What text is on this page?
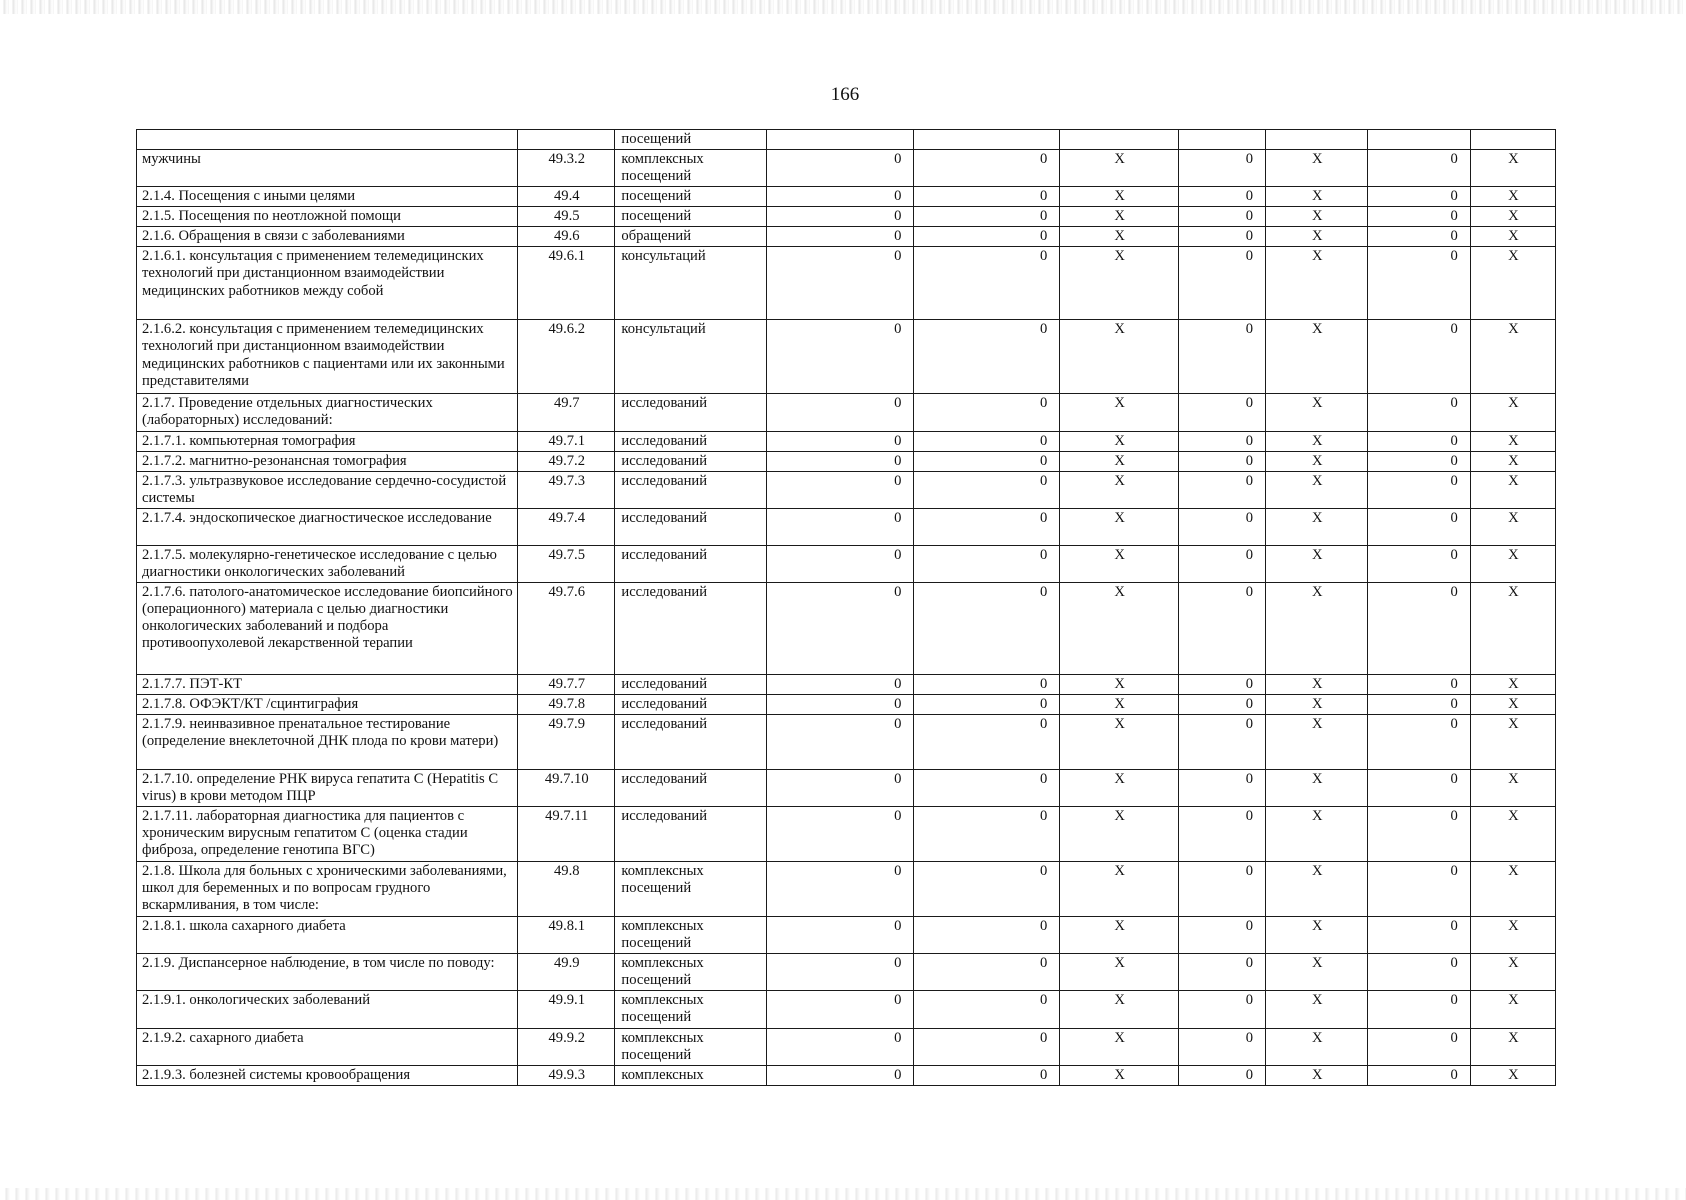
166
		посещений							
мужчины	49.3.2	комплексных посещений	0	0	X	0	X	0	X
2.1.4. Посещения с иными целями	49.4	посещений	0	0	X	0	X	0	X
2.1.5. Посещения по неотложной помощи	49.5	посещений	0	0	X	0	X	0	X
2.1.6. Обращения в связи с заболеваниями	49.6	обращений	0	0	X	0	X	0	X
2.1.6.1. консультация с применением телемедицинских технологий при дистанционном взаимодействии медицинских работников между собой	49.6.1	консультаций	0	0	X	0	X	0	X
2.1.6.2. консультация с применением телемедицинских технологий при дистанционном взаимодействии медицинских работников с пациентами или их законными представителями	49.6.2	консультаций	0	0	X	0	X	0	X
2.1.7. Проведение отдельных диагностических (лабораторных) исследований:	49.7	исследований	0	0	X	0	X	0	X
2.1.7.1. компьютерная томография	49.7.1	исследований	0	0	X	0	X	0	X
2.1.7.2. магнитно-резонансная томография	49.7.2	исследований	0	0	X	0	X	0	X
2.1.7.3. ультразвуковое исследование сердечно-сосудистой системы	49.7.3	исследований	0	0	X	0	X	0	X
2.1.7.4. эндоскопическое диагностическое исследование	49.7.4	исследований	0	0	X	0	X	0	X
2.1.7.5. молекулярно-генетическое исследование с целью диагностики онкологических заболеваний	49.7.5	исследований	0	0	X	0	X	0	X
2.1.7.6. патолого-анатомическое исследование биопсийного (операционного) материала с целью диагностики онкологических заболеваний и подбора противоопухолевой лекарственной терапии	49.7.6	исследований	0	0	X	0	X	0	X
2.1.7.7. ПЭТ-КТ	49.7.7	исследований	0	0	X	0	X	0	X
2.1.7.8. ОФЭКТ/КТ /сцинтиграфия	49.7.8	исследований	0	0	X	0	X	0	X
2.1.7.9. неинвазивное пренатальное тестирование (определение внеклеточной ДНК плода по крови матери)	49.7.9	исследований	0	0	X	0	X	0	X
2.1.7.10. определение РНК вируса гепатита С (Hepatitis C virus) в крови методом ПЦР	49.7.10	исследований	0	0	X	0	X	0	X
2.1.7.11. лабораторная диагностика для пациентов с хроническим вирусным гепатитом С (оценка стадии фиброза, определение генотипа ВГС)	49.7.11	исследований	0	0	X	0	X	0	X
2.1.8. Школа для больных с хроническими заболеваниями, школ для беременных и по вопросам грудного вскармливания, в том числе:	49.8	комплексных посещений	0	0	X	0	X	0	X
2.1.8.1. школа сахарного диабета	49.8.1	комплексных посещений	0	0	X	0	X	0	X
2.1.9. Диспансерное наблюдение, в том числе по поводу:	49.9	комплексных посещений	0	0	X	0	X	0	X
2.1.9.1. онкологических заболеваний	49.9.1	комплексных посещений	0	0	X	0	X	0	X
2.1.9.2. сахарного диабета	49.9.2	комплексных посещений	0	0	X	0	X	0	X
2.1.9.3. болезней системы кровообращения	49.9.3	комплексных	0	0	X	0	X	0	X
